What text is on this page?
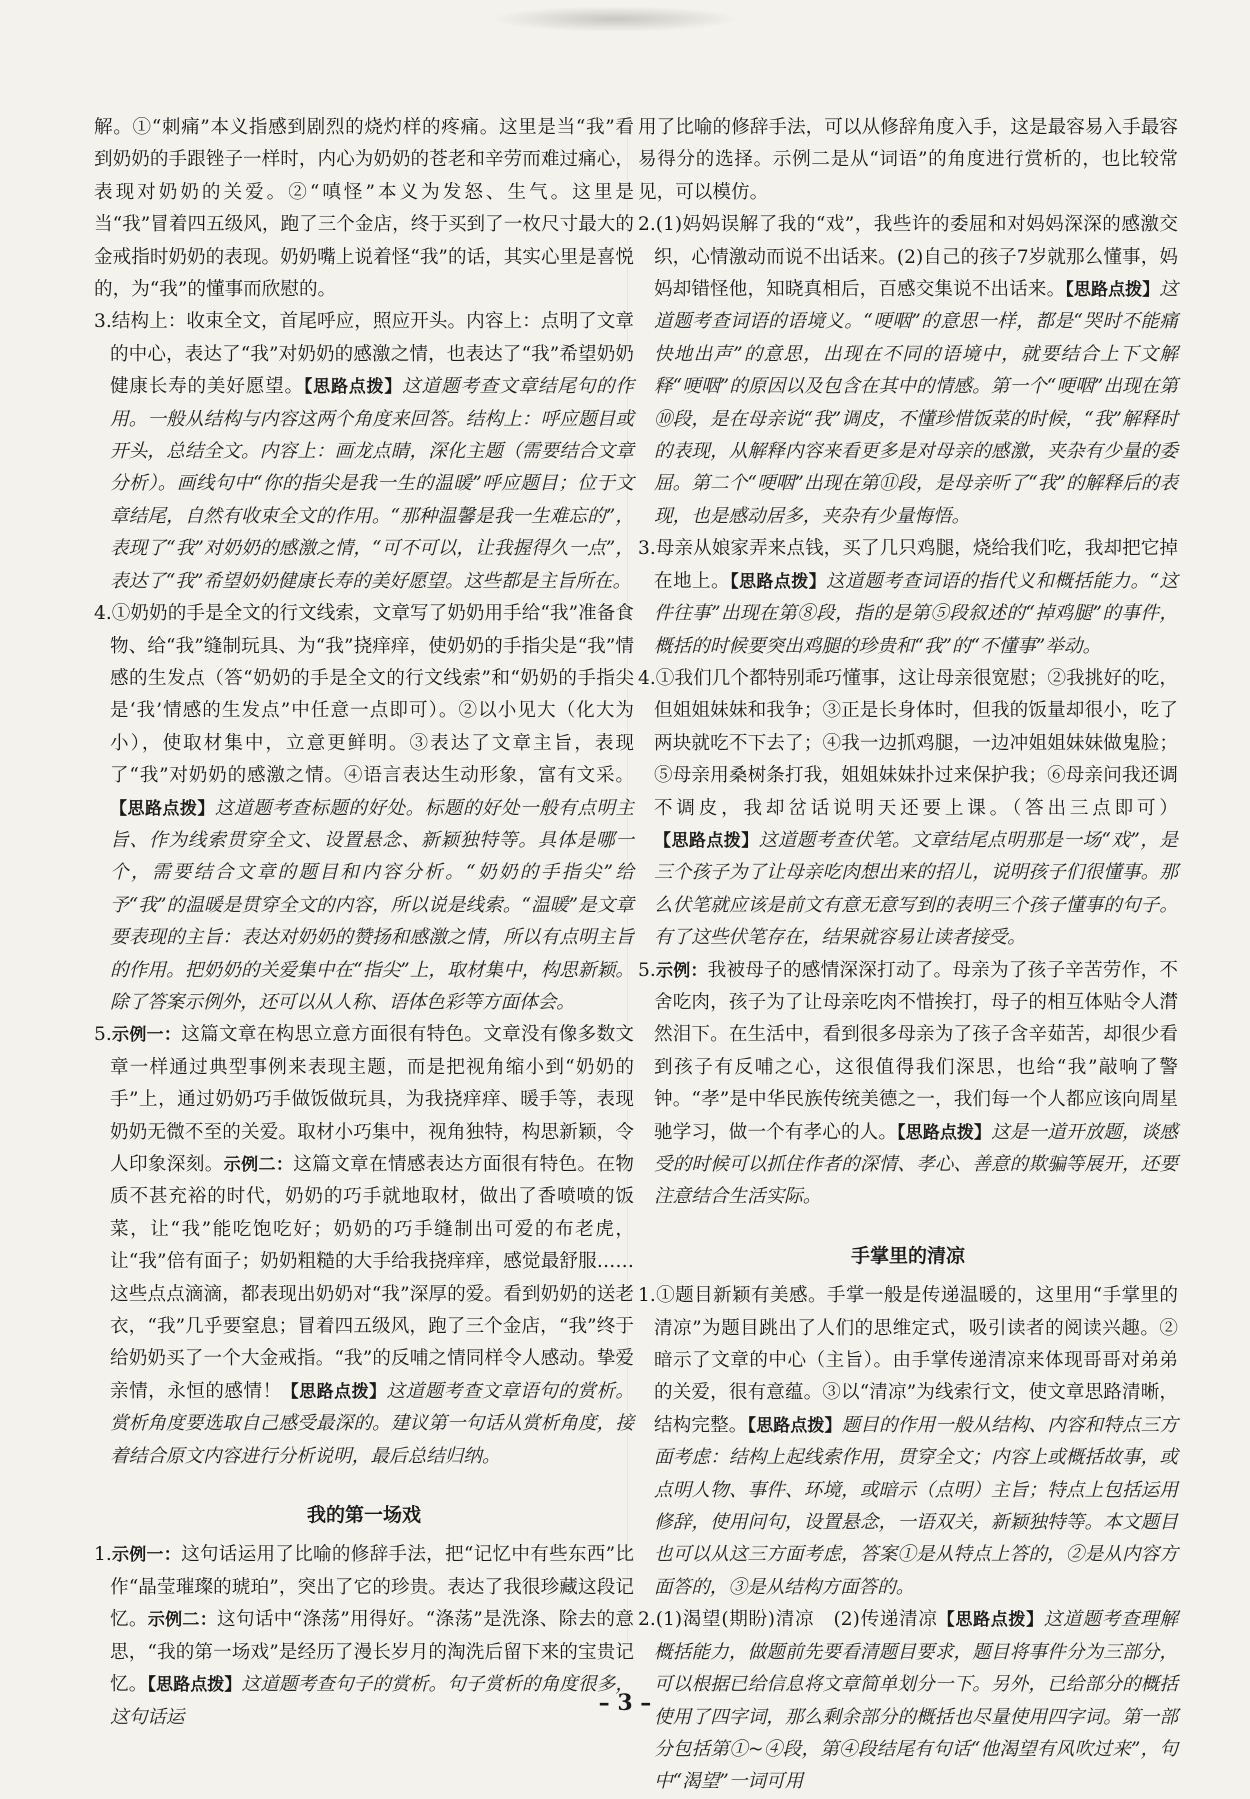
解。①“刺痛”本义指感到剧烈的烧灼样的疼痛。这里是当“我”看到奶奶的手跟锉子一样时，内心为奶奶的苍老和辛劳而难过痛心，表现对奶奶的关爱。②“嗔怪”本义为发怒、生气。这里是当“我”冒着四五级风，跑了三个金店，终于买到了一枚尺寸最大的金戒指时奶奶的表现。奶奶嘴上说着怪“我”的话，其实心里是喜悦的，为“我”的懂事而欣慰的。

3.结构上：收束全文，首尾呼应，照应开头。内容上：点明了文章的中心，表达了“我”对奶奶的感激之情，也表达了“我”希望奶奶健康长寿的美好愿望。【思路点拨】这道题考查文章结尾句的作用。一般从结构与内容这两个角度来回答。结构上：呼应题目或开头，总结全文。内容上：画龙点睛，深化主题（需要结合文章分析）。画线句中“你的指尖是我一生的温暖”呼应题目；位于文章结尾，自然有收束全文的作用。“那种温馨是我一生难忘的”，表现了“我”对奶奶的感激之情，“可不可以，让我握得久一点”，表达了“我”希望奶奶健康长寿的美好愿望。这些都是主旨所在。

4.①奶奶的手是全文的行文线索，文章写了奶奶用手给“我”准备食物、给“我”缝制玩具、为“我”挠痒痒，使奶奶的手指尖是“我”情感的生发点（答“奶奶的手是全文的行文线索”和“奶奶的手指尖是‘我’情感的生发点”中任意一点即可）。②以小见大（化大为小），使取材集中，立意更鲜明。③表达了文章主旨，表现了“我”对奶奶的感激之情。④语言表达生动形象，富有文采。【思路点拨】这道题考查标题的好处。标题的好处一般有点明主旨、作为线索贯穿全文、设置悬念、新颖独特等。具体是哪一个，需要结合文章的题目和内容分析。“奶奶的手指尖”给予“我”的温暖是贯穿全文的内容，所以说是线索。“温暖”是文章要表现的主旨：表达对奶奶的赞扬和感激之情，所以有点明主旨的作用。把奶奶的关爱集中在“指尖”上，取材集中，构思新颖。除了答案示例外，还可以从人称、语体色彩等方面体会。

5.示例一：这篇文章在构思立意方面很有特色。文章没有像多数文章一样通过典型事例来表现主题，而是把视角缩小到“奶奶的手”上，通过奶奶巧手做饭做玩具，为我挠痒痒、暖手等，表现奶奶无微不至的关爱。取材小巧集中，视角独特，构思新颖，令人印象深刻。示例二：这篇文章在情感表达方面很有特色。在物质不甚充裕的时代，奶奶的巧手就地取材，做出了香喷喷的饭菜，让“我”能吃饱吃好；奶奶的巧手缝制出可爱的布老虎，让“我”倍有面子；奶奶粗糙的大手给我挠痒痒，感觉最舒服……这些点点滴滴，都表现出奶奶对“我”深厚的爱。看到奶奶的送老衣，“我”几乎要窒息；冒着四五级风，跑了三个金店，“我”终于给奶奶买了一个大金戒指。“我”的反哺之情同样令人感动。挚爱亲情，永恒的感情！【思路点拨】这道题考查文章语句的赏析。赏析角度要选取自己感受最深的。建议第一句话从赏析角度，接着结合原文内容进行分析说明，最后总结归纳。

我的第一场戏

1.示例一：这句话运用了比喻的修辞手法，把“记忆中有些东西”比作“晶莹璀璨的琥珀”，突出了它的珍贵。表达了我很珍藏这段记忆。示例二：这句话中“涤荡”用得好。“涤荡”是洗涤、除去的意思，“我的第一场戏”是经历了漫长岁月的淘洗后留下来的宝贵记忆。【思路点拨】这道题考查句子的赏析。句子赏析的角度很多，这句话运

用了比喻的修辞手法，可以从修辞角度入手，这是最容易入手最容易得分的选择。示例二是从“词语”的角度进行赏析的，也比较常见，可以模仿。

2.(1)妈妈误解了我的“戏”，我些许的委屈和对妈妈深深的感激交织，心情激动而说不出话来。(2)自己的孩子7岁就那么懂事，妈妈却错怪他，知晓真相后，百感交集说不出话来。【思路点拨】这道题考查词语的语境义。“哽咽”的意思一样，都是“哭时不能痛快地出声”的意思，出现在不同的语境中，就要结合上下文解释“哽咽”的原因以及包含在其中的情感。第一个“哽咽”出现在第⑩段，是在母亲说“我”调皮，不懂珍惜饭菜的时候，“我”解释时的表现，从解释内容来看更多是对母亲的感激，夹杂有少量的委屈。第二个“哽咽”出现在第⑪段，是母亲听了“我”的解释后的表现，也是感动居多，夹杂有少量悔悟。

3.母亲从娘家弄来点钱，买了几只鸡腿，烧给我们吃，我却把它掉在地上。【思路点拨】这道题考查词语的指代义和概括能力。“这件往事”出现在第⑧段，指的是第⑤段叙述的“掉鸡腿”的事件，概括的时候要突出鸡腿的珍贵和“我”的“不懂事”举动。

4.①我们几个都特别乖巧懂事，这让母亲很宽慰；②我挑好的吃，但姐姐妹妹和我争；③正是长身体时，但我的饭量却很小，吃了两块就吃不下去了；④我一边抓鸡腿，一边冲姐姐妹妹做鬼脸；⑤母亲用桑树条打我，姐姐妹妹扑过来保护我；⑥母亲问我还调不调皮，我却岔话说明天还要上课。（答出三点即可）【思路点拨】这道题考查伏笔。文章结尾点明那是一场“戏”，是三个孩子为了让母亲吃肉想出来的招儿，说明孩子们很懂事。那么伏笔就应该是前文有意无意写到的表明三个孩子懂事的句子。有了这些伏笔存在，结果就容易让读者接受。

5.示例：我被母子的感情深深打动了。母亲为了孩子辛苦劳作，不舍吃肉，孩子为了让母亲吃肉不惜挨打，母子的相互体贴令人潸然泪下。在生活中，看到很多母亲为了孩子含辛茹苦，却很少看到孩子有反哺之心，这很值得我们深思，也给“我”敲响了警钟。“孝”是中华民族传统美德之一，我们每一个人都应该向周星驰学习，做一个有孝心的人。【思路点拨】这是一道开放题，谈感受的时候可以抓住作者的深情、孝心、善意的欺骗等展开，还要注意结合生活实际。

手掌里的清凉

1.①题目新颖有美感。手掌一般是传递温暖的，这里用“手掌里的清凉”为题目跳出了人们的思维定式，吸引读者的阅读兴趣。②暗示了文章的中心（主旨）。由手掌传递清凉来体现哥哥对弟弟的关爱，很有意蕴。③以“清凉”为线索行文，使文章思路清晰，结构完整。【思路点拨】题目的作用一般从结构、内容和特点三方面考虑：结构上起线索作用，贯穿全文；内容上或概括故事，或点明人物、事件、环境，或暗示（点明）主旨；特点上包括运用修辞，使用问句，设置悬念，一语双关，新颖独特等。本文题目也可以从这三方面考虑，答案①是从特点上答的，②是从内容方面答的，③是从结构方面答的。

2.(1)渴望(期盼)清凉　(2)传递清凉【思路点拨】这道题考查理解概括能力，做题前先要看清题目要求，题目将事件分为三部分，可以根据已给信息将文章简单划分一下。另外，已给部分的概括使用了四字词，那么剩余部分的概括也尽量使用四字词。第一部分包括第①~④段，第④段结尾有句话“他渴望有风吹过来”，句中“渴望”一词可用

– 3 –
